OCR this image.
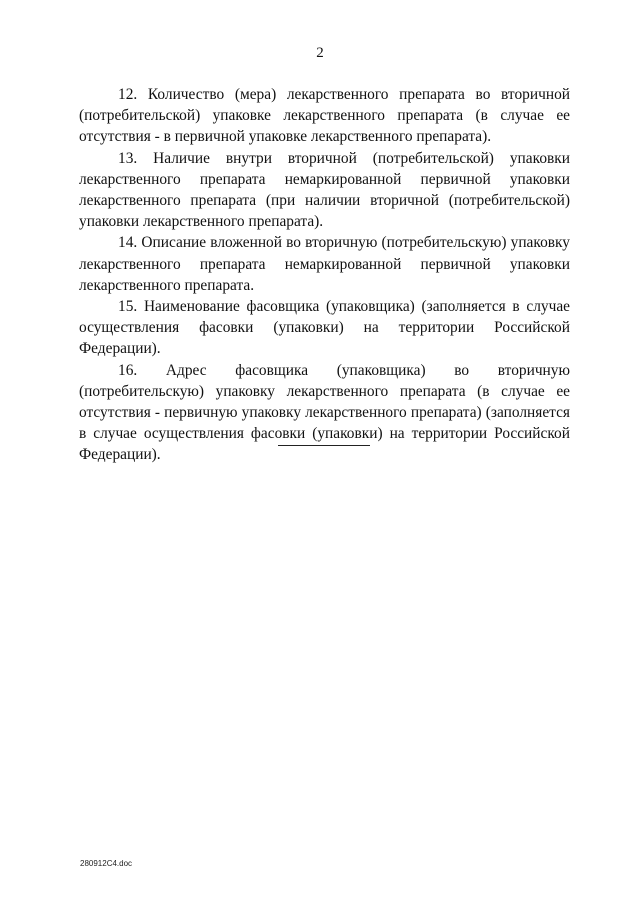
2

12. Количество (мера) лекарственного препарата во вторичной (потребительской) упаковке лекарственного препарата (в случае ее отсутствия - в первичной упаковке лекарственного препарата).

13. Наличие внутри вторичной (потребительской) упаковки лекарственного препарата немаркированной первичной упаковки лекарственного препарата (при наличии вторичной (потребительской) упаковки лекарственного препарата).

14. Описание вложенной во вторичную (потребительскую) упаковку лекарственного препарата немаркированной первичной упаковки лекарственного препарата.

15. Наименование фасовщика (упаковщика) (заполняется в случае осуществления фасовки (упаковки) на территории Российской Федерации).

16. Адрес фасовщика (упаковщика) во вторичную (потребительскую) упаковку лекарственного препарата (в случае ее отсутствия - первичную упаковку лекарственного препарата) (заполняется в случае осуществления фасовки (упаковки) на территории Российской Федерации).

280912C4.doc
